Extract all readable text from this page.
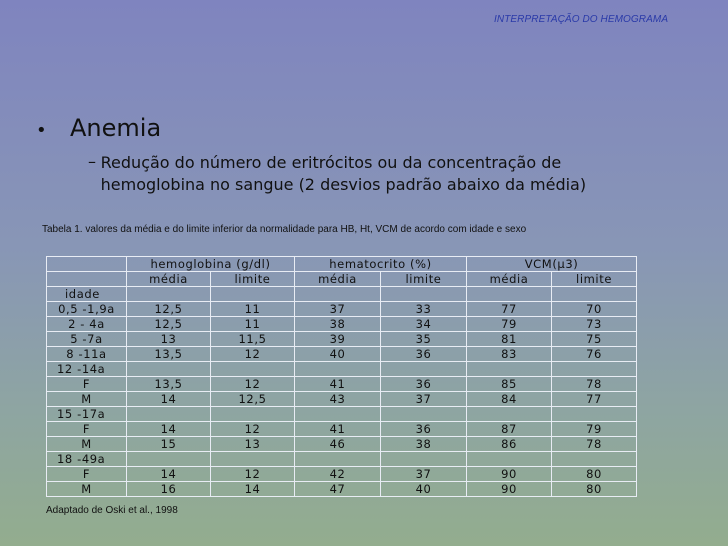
INTERPRETAÇÃO DO HEMOGRAMA
• Anemia
– Redução do número de eritrócitos ou da concentração de hemoglobina no sangue (2 desvios padrão abaixo da média)
Tabela 1. valores da média e do limite inferior da normalidade para HB, Ht, VCM de acordo com idade e sexo
	hemoglobina (g/dl)		hematocrito (%)		VCM(μ3)	
	média	limite	média	limite	média	limite
idade						
0,5 -1,9a	12,5	11	37	33	77	70
2 - 4a	12,5	11	38	34	79	73
5 -7a	13	11,5	39	35	81	75
8 -11a	13,5	12	40	36	83	76
12 -14a						
F	13,5	12	41	36	85	78
M	14	12,5	43	37	84	77
15 -17a						
F	14	12	41	36	87	79
M	15	13	46	38	86	78
18 -49a						
F	14	12	42	37	90	80
M	16	14	47	40	90	80
Adaptado de Oski et al., 1998
